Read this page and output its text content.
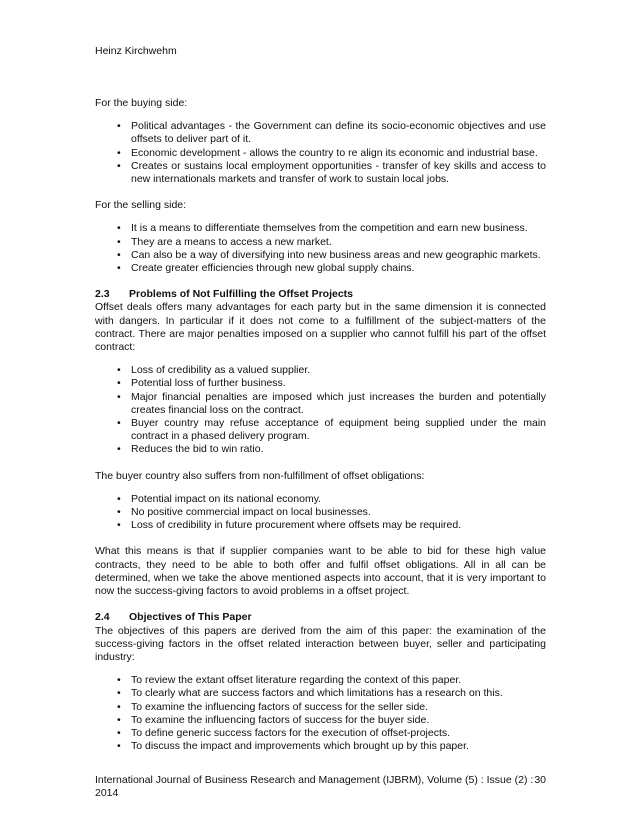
Heinz Kirchwehm

For the buying side:

• Political advantages - the Government can define its socio-economic objectives and use offsets to deliver part of it.
• Economic development - allows the country to re align its economic and industrial base.
• Creates or sustains local employment opportunities - transfer of key skills and access to new internationals markets and transfer of work to sustain local jobs.

For the selling side:

• It is a means to differentiate themselves from the competition and earn new business.
• They are a means to access a new market.
• Can also be a way of diversifying into new business areas and new geographic markets.
• Create greater efficiencies through new global supply chains.
2.3 Problems of Not Fulfilling the Offset Projects

Offset deals offers many advantages for each party but in the same dimension it is connected with dangers. In particular if it does not come to a fulfillment of the subject-matters of the contract. There are major penalties imposed on a supplier who cannot fulfill his part of the offset contract:

• Loss of credibility as a valued supplier.
• Potential loss of further business.
• Major financial penalties are imposed which just increases the burden and potentially creates financial loss on the contract.
• Buyer country may refuse acceptance of equipment being supplied under the main contract in a phased delivery program.
• Reduces the bid to win ratio.

The buyer country also suffers from non-fulfillment of offset obligations:

• Potential impact on its national economy.
• No positive commercial impact on local businesses.
• Loss of credibility in future procurement where offsets may be required.

What this means is that if supplier companies want to be able to bid for these high value contracts, they need to be able to both offer and fulfil offset obligations. All in all can be determined, when we take the above mentioned aspects into account, that it is very important to now the success-giving factors to avoid problems in a offset project.

2.4 Objectives of This Paper

The objectives of this papers are derived from the aim of this paper: the examination of the success-giving factors in the offset related interaction between buyer, seller and participating industry:

• To review the extant offset literature regarding the context of this paper.
• To clearly what are success factors and which limitations has a research on this.
• To examine the influencing factors of success for the seller side.
• To examine the influencing factors of success for the buyer side.
• To define generic success factors for the execution of offset-projects.
• To discuss the impact and improvements which brought up by this paper.
International Journal of Business Research and Management (IJBRM), Volume (5) : Issue (2) : 2014
30
